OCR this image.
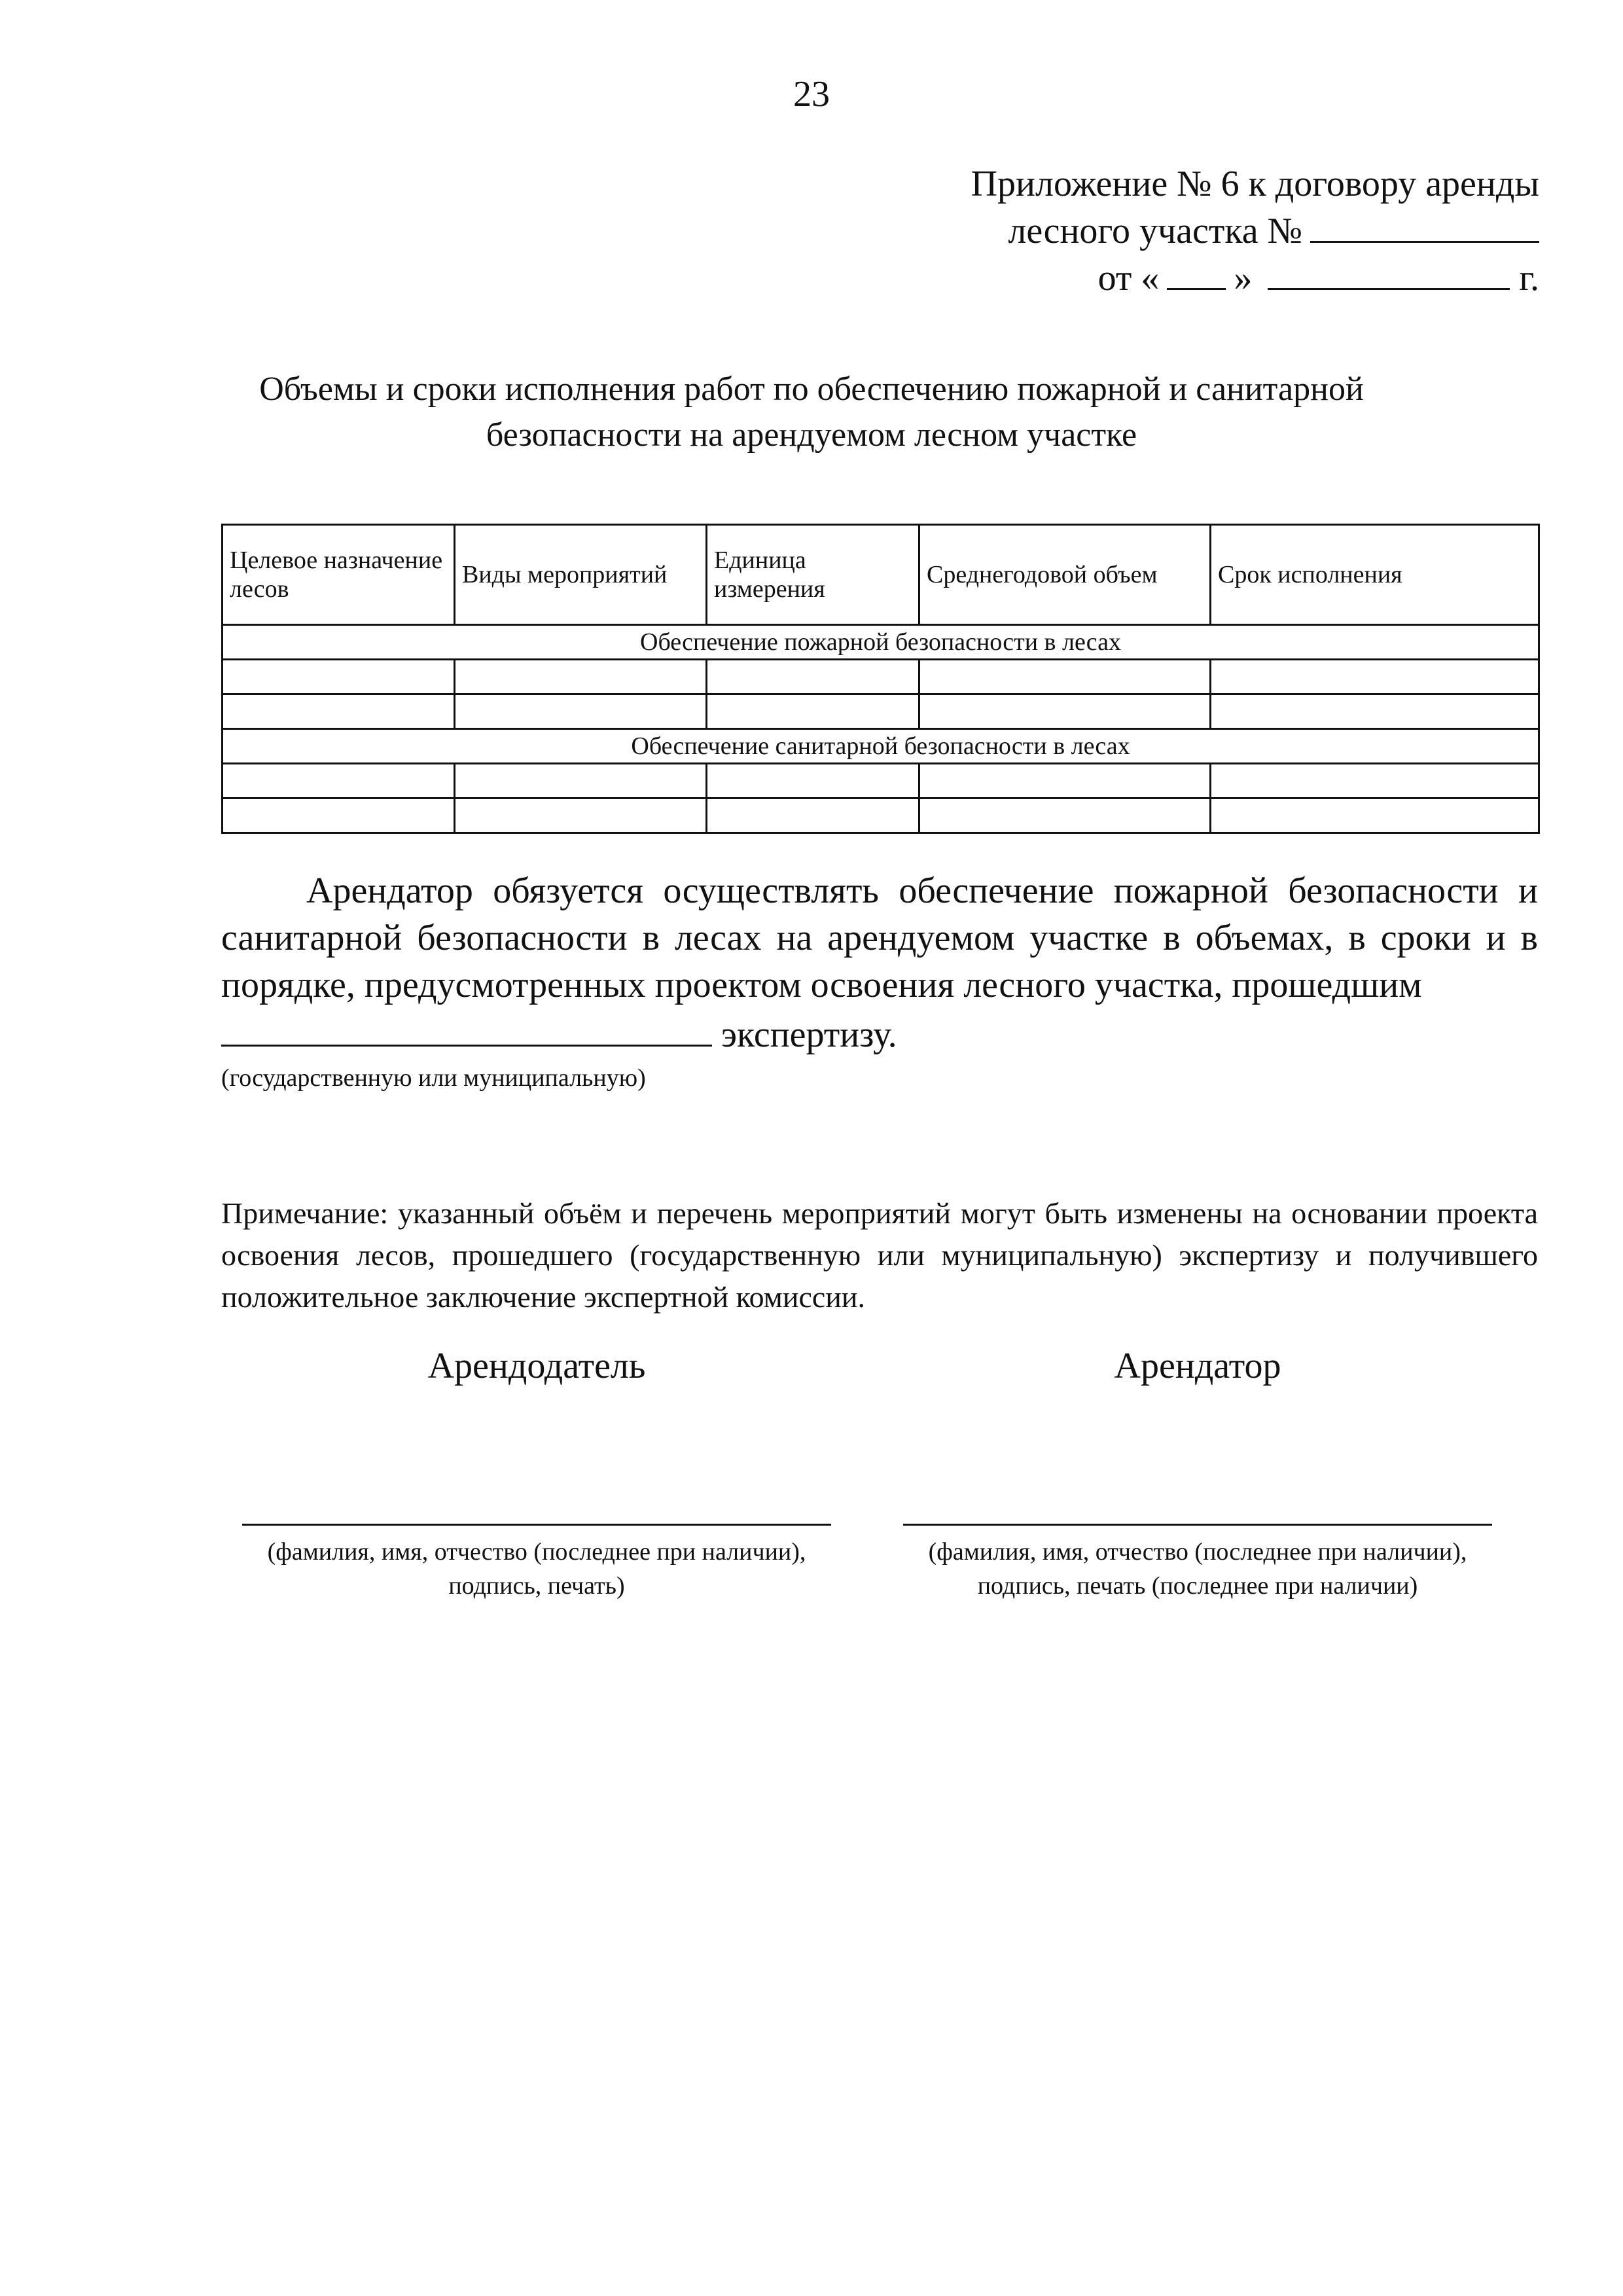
23
Приложение № 6 к договору аренды
лесного участка №
от « »	г.
Объемы и сроки исполнения работ по обеспечению пожарной и санитарной
безопасности на арендуемом лесном участке
Целевое назначение лесов	Виды мероприятий	Единица измерения	Среднегодовой объем	Срок исполнения
Обеспечение пожарной безопасности в лесах				

Обеспечение санитарной безопасности в лесах				

Арендатор обязуется осуществлять обеспечение пожарной безопасности и санитарной безопасности в лесах на арендуемом участке в объемах, в сроки и в порядке, предусмотренных проектом освоения лесного участка, прошедшим
экспертизу.
(государственную или муниципальную)
Примечание: указанный объём и перечень мероприятий могут быть изменены на основании проекта освоения лесов, прошедшего (государственную или муниципальную) экспертизу и получившего положительное заключение экспертной комиссии.
Арендодатель	Арендатор
(фамилия, имя, отчество (последнее при наличии),
подпись, печать)
(фамилия, имя, отчество (последнее при наличии),
подпись, печать (последнее при наличии)
